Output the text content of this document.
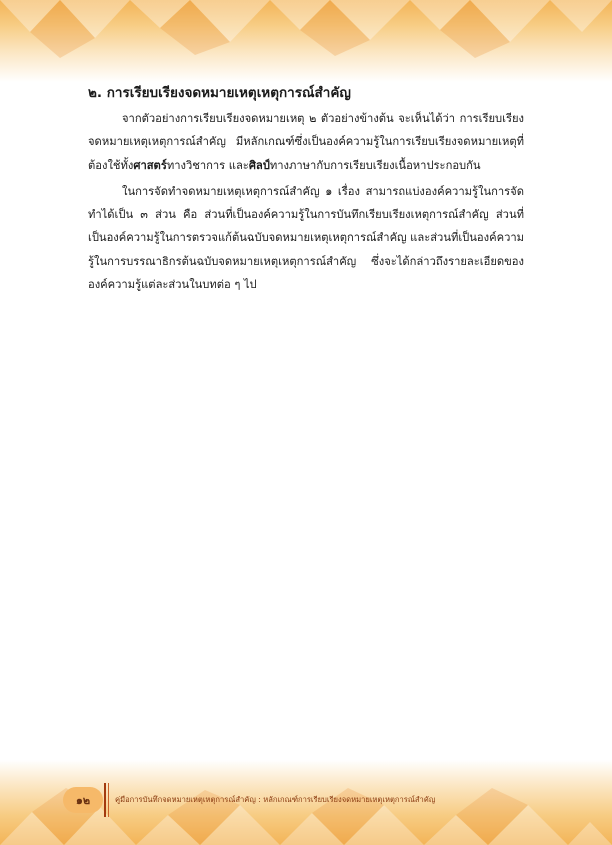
๒. การเรียบเรียงจดหมายเหตุเหตุการณ์สำคัญ

จากตัวอย่างการเรียบเรียงจดหมายเหตุ ๒ ตัวอย่างข้างต้น จะเห็นได้ว่า การเรียบเรียงจดหมายเหตุเหตุการณ์สำคัญ มีหลักเกณฑ์ซึ่งเป็นองค์ความรู้ในการเรียบเรียงจดหมายเหตุที่ต้องใช้ทั้งศาสตร์ทางวิชาการ และศิลป์ทางภาษากับการเรียบเรียงเนื้อหาประกอบกัน

ในการจัดทำจดหมายเหตุเหตุการณ์สำคัญ ๑ เรื่อง สามารถแบ่งองค์ความรู้ในการจัดทำได้เป็น ๓ ส่วน คือ ส่วนที่เป็นองค์ความรู้ในการบันทึกเรียบเรียงเหตุการณ์สำคัญ ส่วนที่เป็นองค์ความรู้ในการตรวจแก้ต้นฉบับจดหมายเหตุเหตุการณ์สำคัญ และส่วนที่เป็นองค์ความรู้ในการบรรณาธิกรต้นฉบับจดหมายเหตุเหตุการณ์สำคัญ ซึ่งจะได้กล่าวถึงรายละเอียดขององค์ความรู้แต่ละส่วนในบทต่อ ๆ ไป

๑๒	คู่มือการบันทึกจดหมายเหตุเหตุการณ์สำคัญ : หลักเกณฑ์การเรียบเรียงจดหมายเหตุเหตุการณ์สำคัญ
